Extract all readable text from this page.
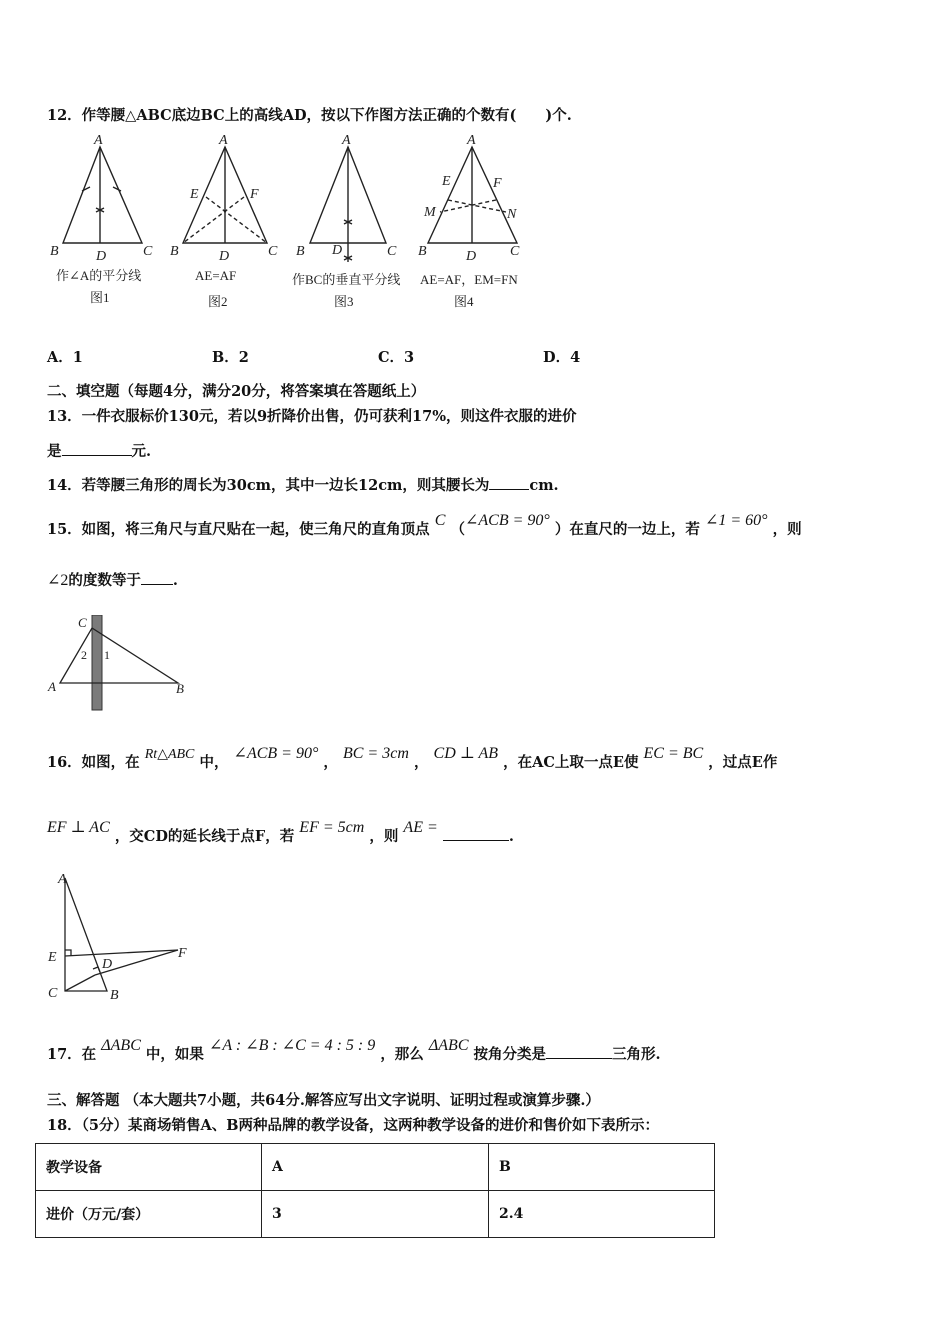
12．作等腰△ABC底边BC上的高线AD，按以下作图方法正确的个数有(　　)个.
A
B	D	C
A
E	F
B	D	C
A
B D	C
A
E	F
M	N
B	D C
作∠A的平分线
图1
AE=AF
图2
作BC的垂直平分线
图3
AE=AF，EM=FN
图4
A．1	B．2	C．3	D．4
二、填空题（每题4分，满分20分，将答案填在答题纸上）
13．一件衣服标价130元，若以9折降价出售，仍可获利17%，则这件衣服的进价
是	元.
14．若等腰三角形的周长为30cm，其中一边长12cm，则其腰长为	cm.
15．如图，将三角尺与直尺贴在一起，使三角尺的直角顶点 C （∠ACB = 90° ）在直尺的一边上，若 ∠1 = 60° ，则
∠2的度数等于 .
C
A	B
2 1
16．如图，在 Rt△ABC 中， ∠ACB = 90° ， BC = 3cm ， CD ⊥ AB ，在AC上取一点E使 EC = BC ，过点E作
EF ⊥ AC ，交CD的延长线于点F，若 EF = 5cm ，则 AE = .
A
E
C
D
F
B
17．在 ΔABC 中，如果 ∠A : ∠B : ∠C = 4 : 5 : 9 ，那么 ΔABC 按角分类是	三角形.
三、解答题 （本大题共7小题，共64分.解答应写出文字说明、证明过程或演算步骤.）
18．（5分）某商场销售A、B两种品牌的教学设备，这两种教学设备的进价和售价如下表所示：
教学设备	A	B
进价（万元/套）	3	2.4
